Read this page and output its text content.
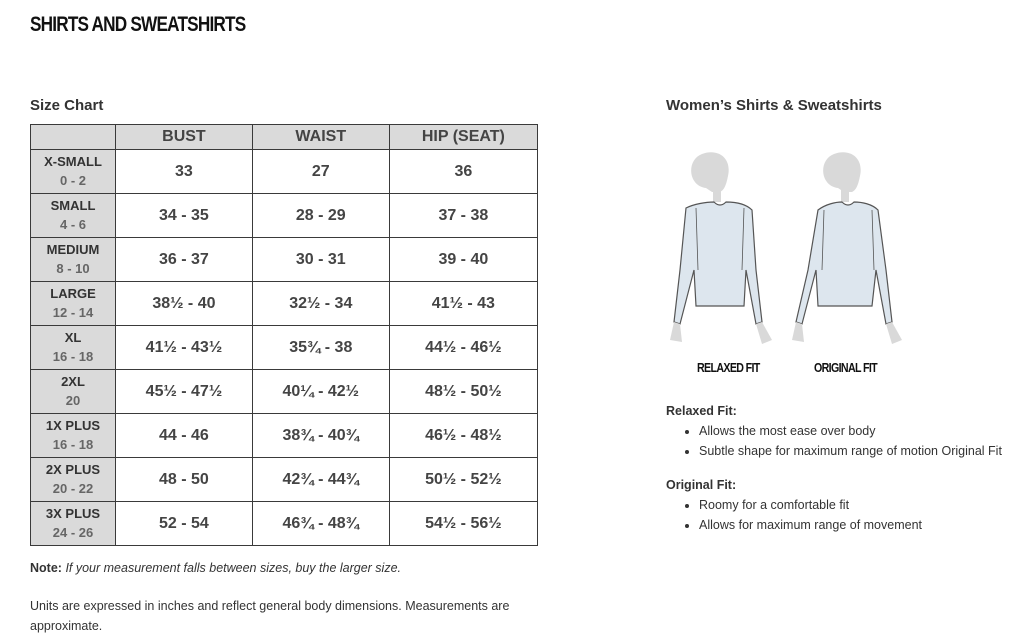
SHIRTS AND SWEATSHIRTS
Size Chart
	BUST	WAIST	HIP (SEAT)

X-SMALL
0 - 2	33	27	36

SMALL
4 - 6	34 - 35	28 - 29	37 - 38

MEDIUM
8 - 10	36 - 37	30 - 31	39 - 40

LARGE
12 - 14	38½ - 40	32½ - 34	41½ - 43

XL
16 - 18	41½ - 43½	35¾ - 38	44½ - 46½

2XL
20	45½ - 47½	40¼ - 42½	48½ - 50½

1X PLUS
16 - 18	44 - 46	38¾ - 40¾	46½ - 48½

2X PLUS
20 - 22	48 - 50	42¾ - 44¾	50½ - 52½

3X PLUS
24 - 26	52 - 54	46¾ - 48¾	54½ - 56½
Note: If your measurement falls between sizes, buy the larger size.
Units are expressed in inches and reflect general body dimensions. Measurements are approximate.
Women’s Shirts & Sweatshirts
RELAXED FIT	ORIGINAL FIT
Relaxed Fit:
• Allows the most ease over body
• Subtle shape for maximum range of motion Original Fit
Original Fit:
• Roomy for a comfortable fit
• Allows for maximum range of movement
